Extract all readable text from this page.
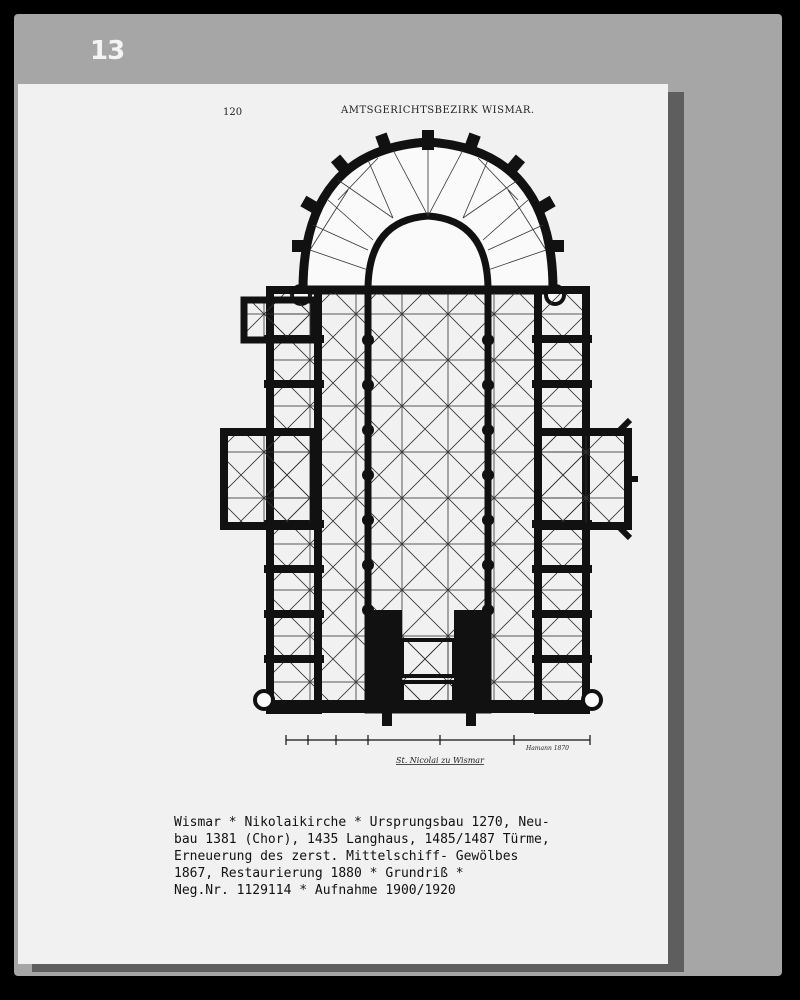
13
120	AMTSGERICHTSBEZIRK WISMAR.
Hamann 1870
St. Nicolai zu Wismar
Wismar * Nikolaikirche * Ursprungsbau 1270, Neu-
bau 1381 (Chor), 1435 Langhaus, 1485/1487 Türme,
Erneuerung des zerst. Mittelschiff- Gewölbes
1867, Restaurierung 1880 * Grundriß *
Neg.Nr. 1129114 * Aufnahme 1900/1920
